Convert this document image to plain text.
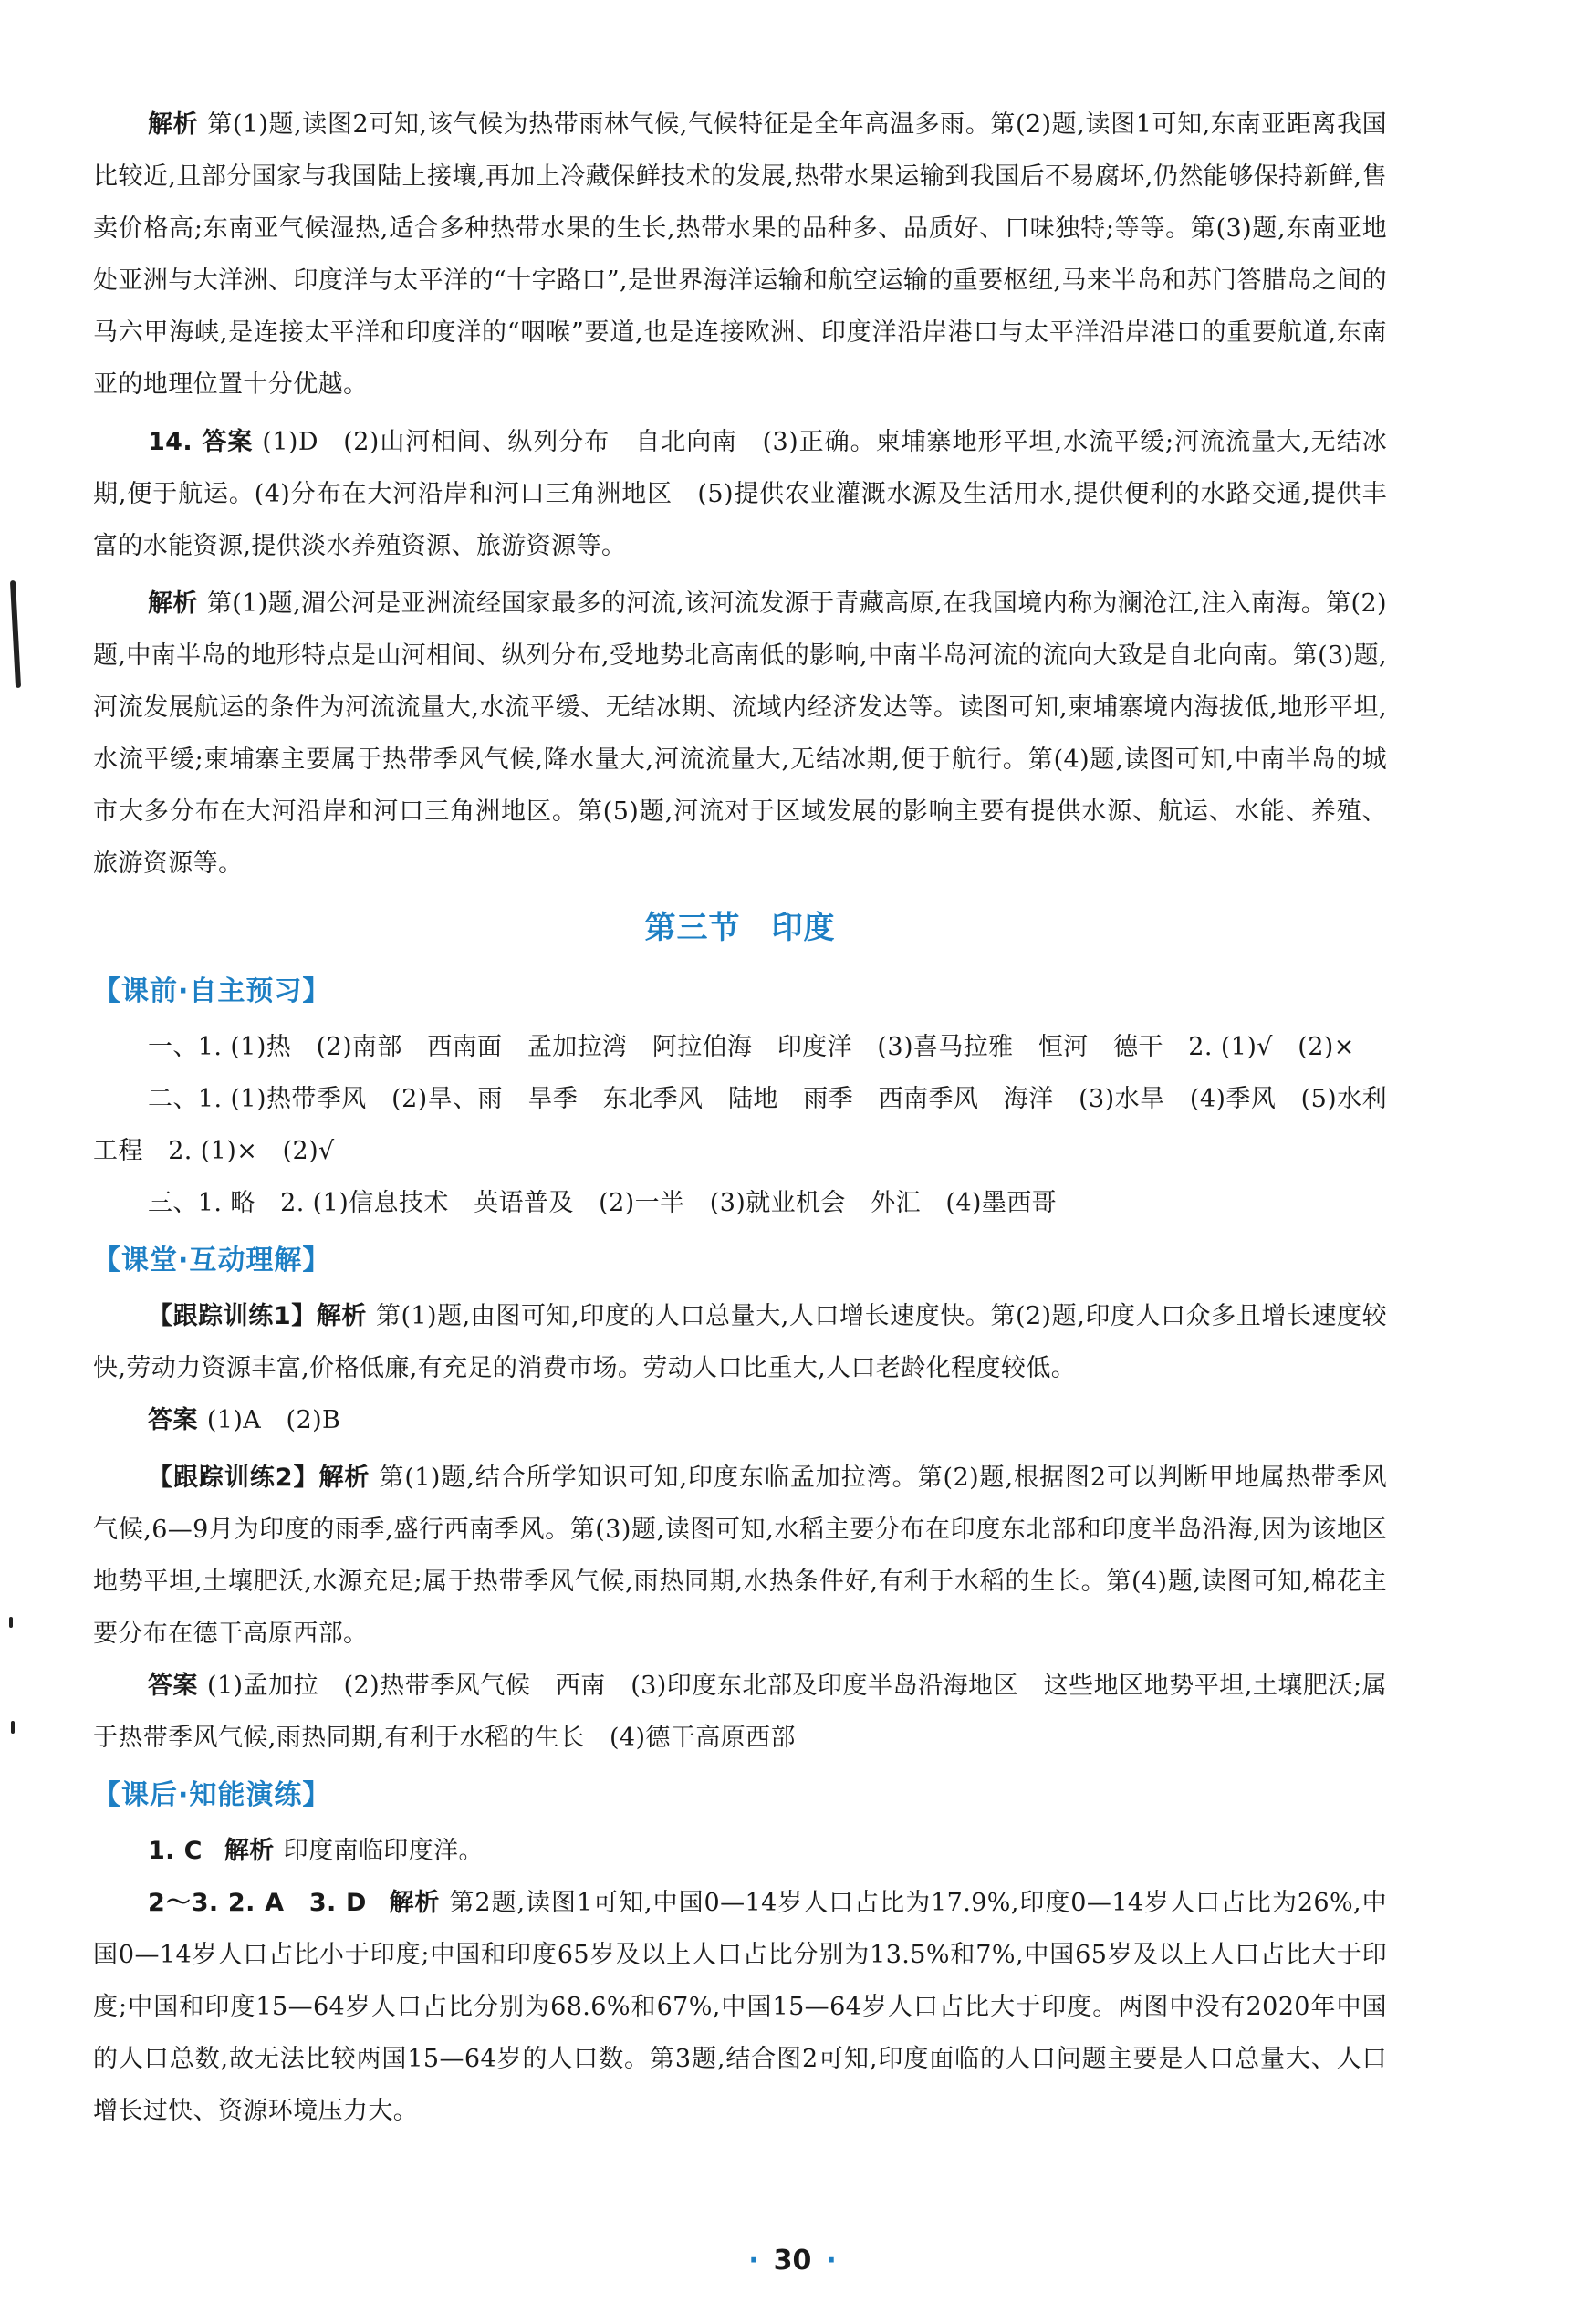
解析 第(1)题,读图2可知,该气候为热带雨林气候,气候特征是全年高温多雨。第(2)题,读图1可知,东南亚距离我国比较近,且部分国家与我国陆上接壤,再加上冷藏保鲜技术的发展,热带水果运输到我国后不易腐坏,仍然能够保持新鲜,售卖价格高;东南亚气候湿热,适合多种热带水果的生长,热带水果的品种多、品质好、口味独特;等等。第(3)题,东南亚地处亚洲与大洋洲、印度洋与太平洋的“十字路口”,是世界海洋运输和航空运输的重要枢纽,马来半岛和苏门答腊岛之间的马六甲海峡,是连接太平洋和印度洋的“咽喉”要道,也是连接欧洲、印度洋沿岸港口与太平洋沿岸港口的重要航道,东南亚的地理位置十分优越。

14. 答案 (1)D (2)山河相间、纵列分布 自北向南 (3)正确。柬埔寨地形平坦,水流平缓;河流流量大,无结冰期,便于航运。(4)分布在大河沿岸和河口三角洲地区 (5)提供农业灌溉水源及生活用水,提供便利的水路交通,提供丰富的水能资源,提供淡水养殖资源、旅游资源等。

解析 第(1)题,湄公河是亚洲流经国家最多的河流,该河流发源于青藏高原,在我国境内称为澜沧江,注入南海。第(2)题,中南半岛的地形特点是山河相间、纵列分布,受地势北高南低的影响,中南半岛河流的流向大致是自北向南。第(3)题,河流发展航运的条件为河流流量大,水流平缓、无结冰期、流域内经济发达等。读图可知,柬埔寨境内海拔低,地形平坦,水流平缓;柬埔寨主要属于热带季风气候,降水量大,河流流量大,无结冰期,便于航行。第(4)题,读图可知,中南半岛的城市大多分布在大河沿岸和河口三角洲地区。第(5)题,河流对于区域发展的影响主要有提供水源、航运、水能、养殖、旅游资源等。

第三节 印度
【课前·自主预习】

一、1. (1)热 (2)南部 西南面 孟加拉湾 阿拉伯海 印度洋 (3)喜马拉雅 恒河 德干 2. (1)√ (2)×

二、1. (1)热带季风 (2)旱、雨 旱季 东北季风 陆地 雨季 西南季风 海洋 (3)水旱 (4)季风 (5)水利工程 2. (1)× (2)√

三、1. 略 2. (1)信息技术 英语普及 (2)一半 (3)就业机会 外汇 (4)墨西哥

【课堂·互动理解】

【跟踪训练1】解析 第(1)题,由图可知,印度的人口总量大,人口增长速度快。第(2)题,印度人口众多且增长速度较快,劳动力资源丰富,价格低廉,有充足的消费市场。劳动人口比重大,人口老龄化程度较低。

答案 (1)A (2)B

【跟踪训练2】解析 第(1)题,结合所学知识可知,印度东临孟加拉湾。第(2)题,根据图2可以判断甲地属热带季风气候,6—9月为印度的雨季,盛行西南季风。第(3)题,读图可知,水稻主要分布在印度东北部和印度半岛沿海,因为该地区地势平坦,土壤肥沃,水源充足;属于热带季风气候,雨热同期,水热条件好,有利于水稻的生长。第(4)题,读图可知,棉花主要分布在德干高原西部。

答案 (1)孟加拉 (2)热带季风气候 西南 (3)印度东北部及印度半岛沿海地区 这些地区地势平坦,土壤肥沃;属于热带季风气候,雨热同期,有利于水稻的生长 (4)德干高原西部

【课后·知能演练】

1. C 解析 印度南临印度洋。

2～3. 2. A 3. D 解析 第2题,读图1可知,中国0—14岁人口占比为17.9%,印度0—14岁人口占比为26%,中国0—14岁人口占比小于印度;中国和印度65岁及以上人口占比分别为13.5%和7%,中国65岁及以上人口占比大于印度;中国和印度15—64岁人口占比分别为68.6%和67%,中国15—64岁人口占比大于印度。两图中没有2020年中国的人口总数,故无法比较两国15—64岁的人口数。第3题,结合图2可知,印度面临的人口问题主要是人口总量大、人口增长过快、资源环境压力大。

· 30 ·
